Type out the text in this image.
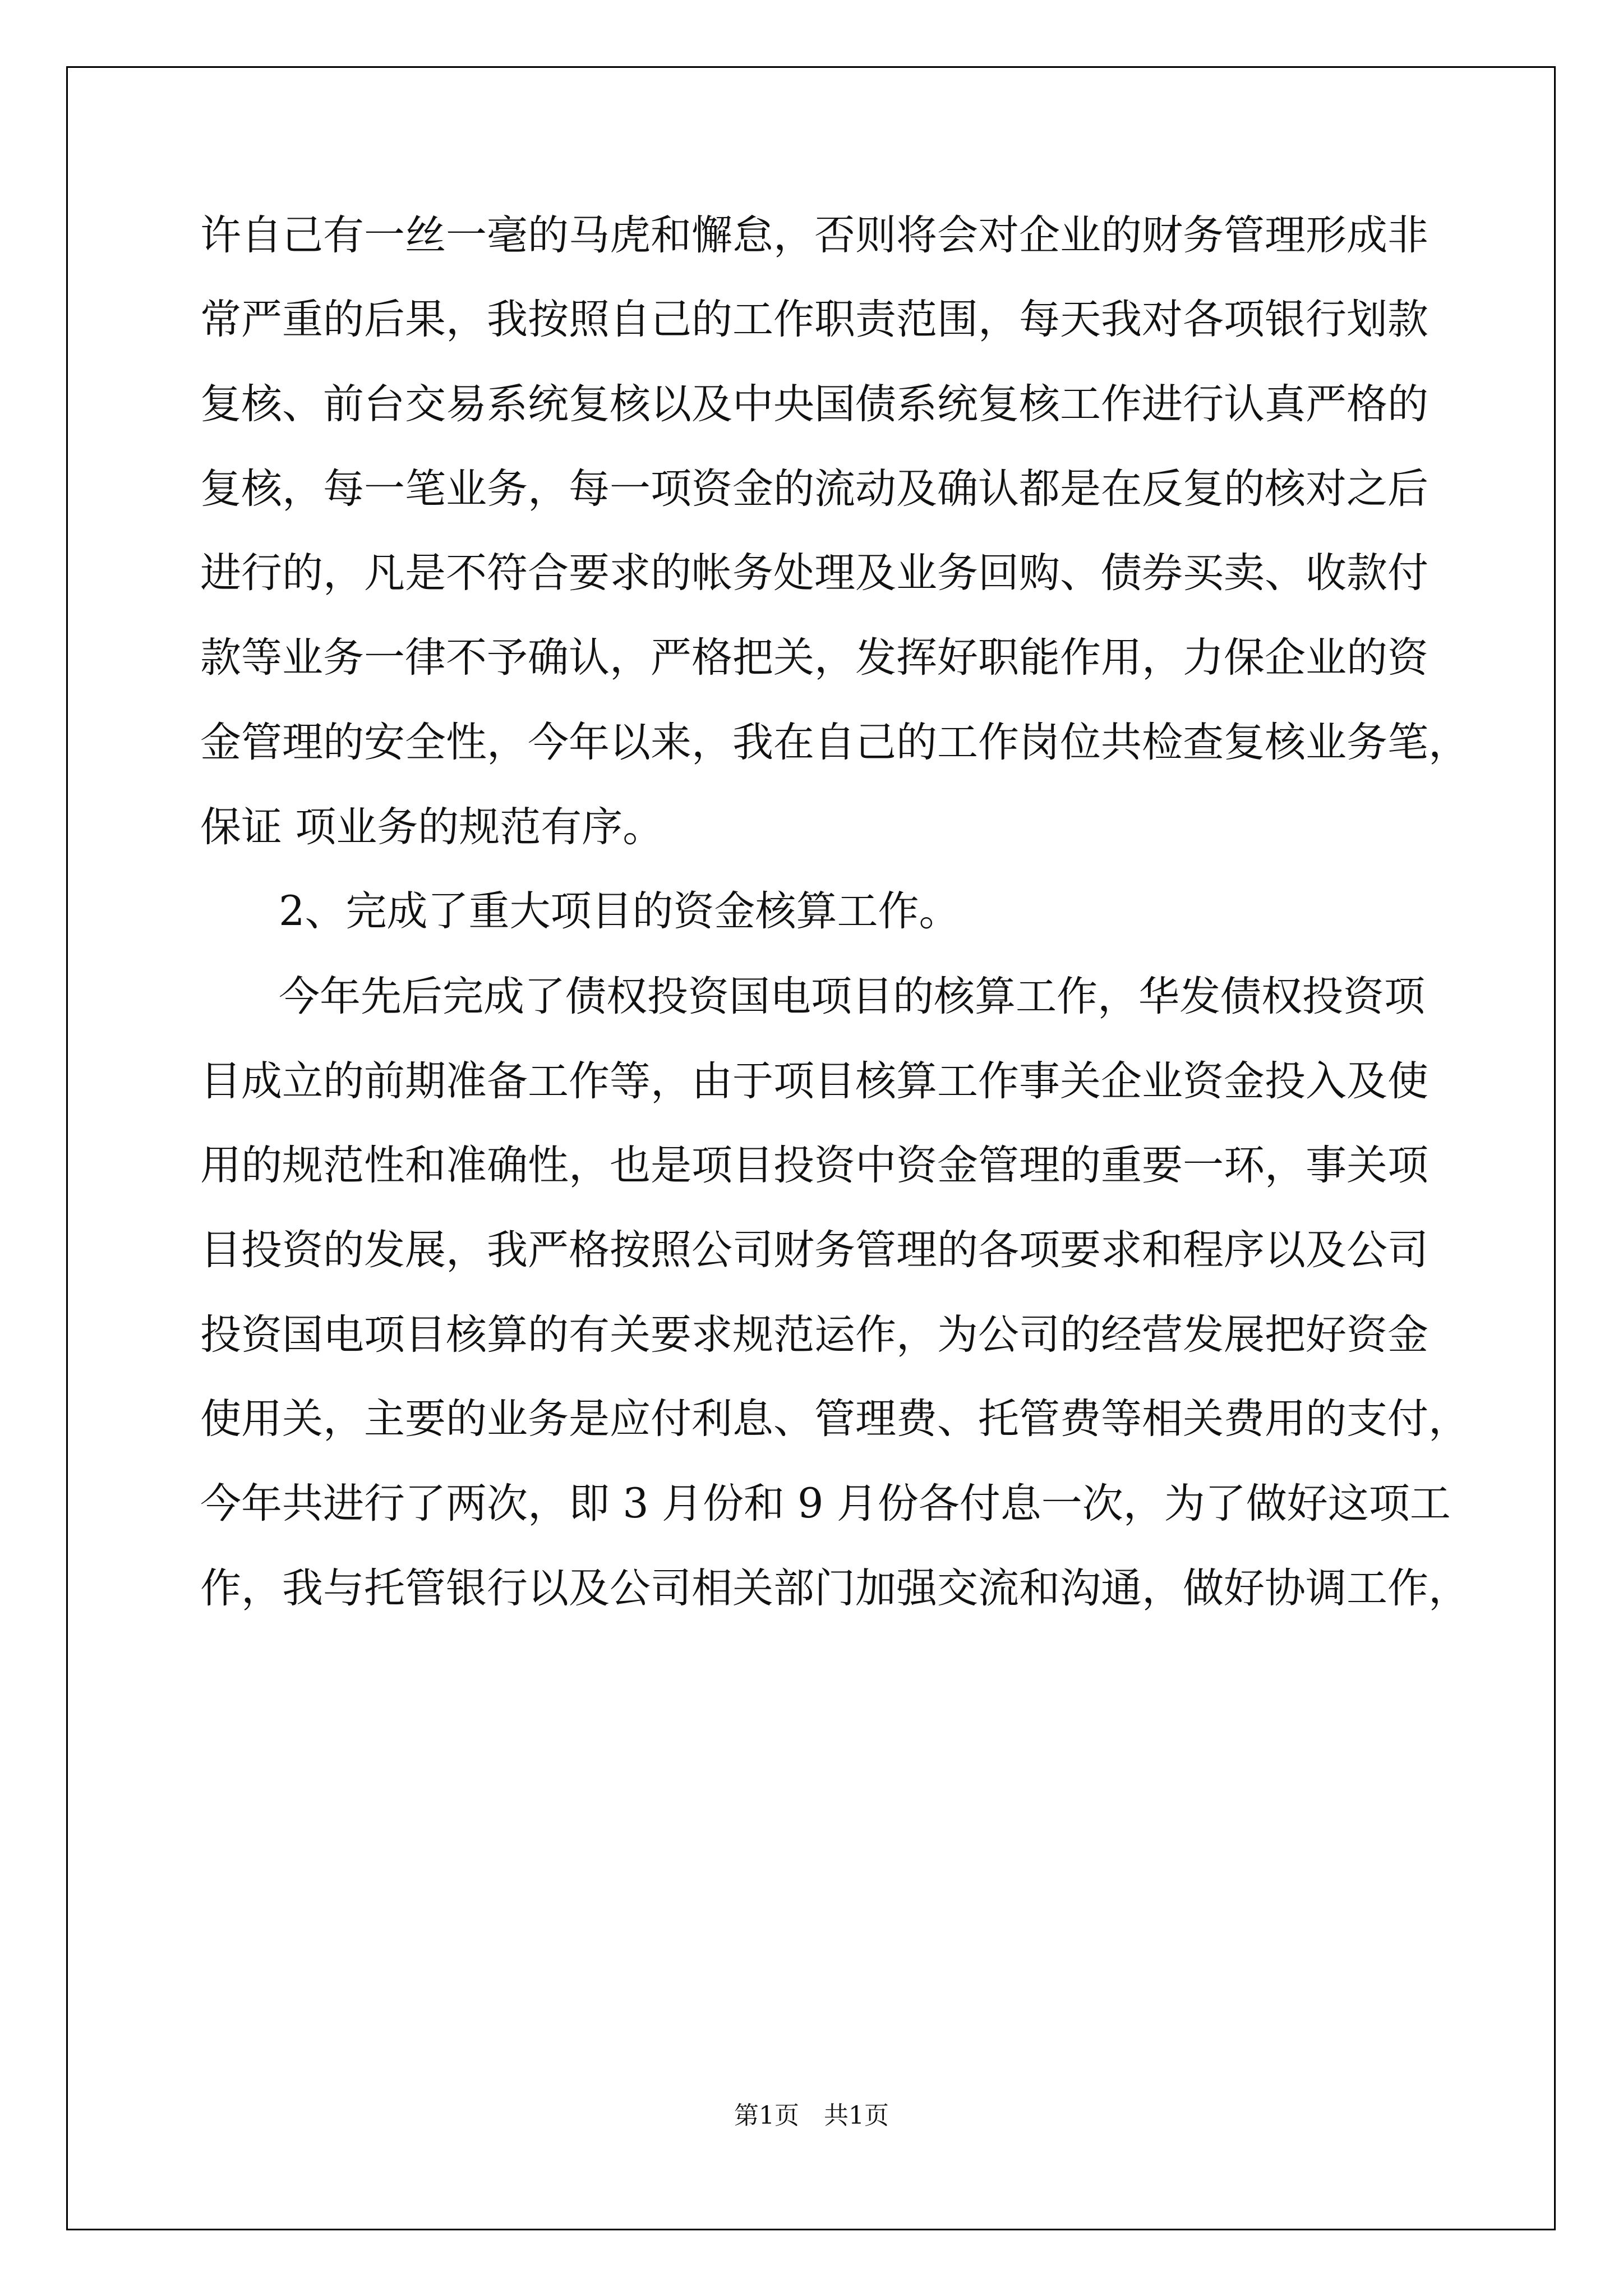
许自己有一丝一毫的马虎和懈怠，否则将会对企业的财务管理形成非
常严重的后果，我按照自己的工作职责范围，每天我对各项银行划款
复核、前台交易系统复核以及中央国债系统复核工作进行认真严格的
复核，每一笔业务，每一项资金的流动及确认都是在反复的核对之后
进行的，凡是不符合要求的帐务处理及业务回购、债券买卖、收款付
款等业务一律不予确认，严格把关，发挥好职能作用，力保企业的资
金管理的安全性，今年以来，我在自己的工作岗位共检查复核业务笔，
保证 项业务的规范有序。
2、完成了重大项目的资金核算工作。
今年先后完成了债权投资国电项目的核算工作，华发债权投资项
目成立的前期准备工作等，由于项目核算工作事关企业资金投入及使
用的规范性和准确性，也是项目投资中资金管理的重要一环，事关项
目投资的发展，我严格按照公司财务管理的各项要求和程序以及公司
投资国电项目核算的有关要求规范运作，为公司的经营发展把好资金
使用关，主要的业务是应付利息、管理费、托管费等相关费用的支付，
今年共进行了两次，即 3 月份和 9 月份各付息一次，为了做好这项工
作，我与托管银行以及公司相关部门加强交流和沟通，做好协调工作，
第1页　共1页
